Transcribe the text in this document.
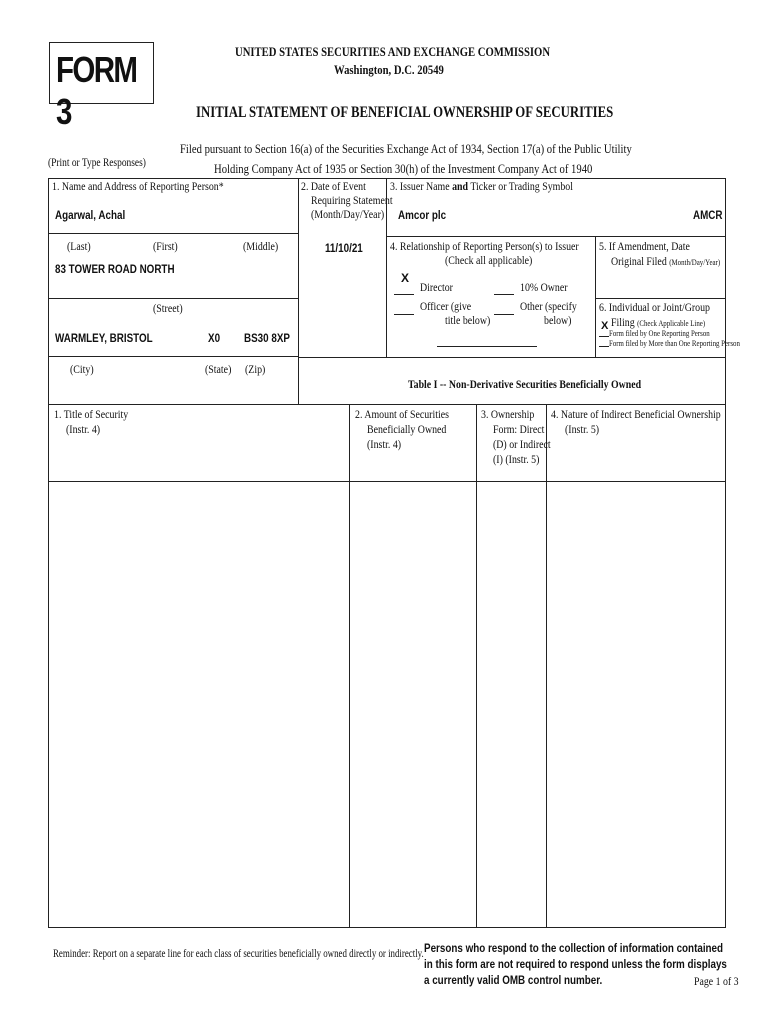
FORM 3
UNITED STATES SECURITIES AND EXCHANGE COMMISSION
Washington, D.C. 20549
INITIAL STATEMENT OF BENEFICIAL OWNERSHIP OF SECURITIES
Filed pursuant to Section 16(a) of the Securities Exchange Act of 1934, Section 17(a) of the Public Utility
Holding Company Act of 1935 or Section 30(h) of the Investment Company Act of 1940
(Print or Type Responses)
1. Name and Address of Reporting Person*
Agarwal, Achal
(Last)	(First)	(Middle)
83 TOWER ROAD NORTH
(Street)
WARMLEY, BRISTOL	X0 BS30 8XP
(City)	(State) (Zip)
2. Date of Event
Requiring Statement
(Month/Day/Year)
11/10/21
3. Issuer Name and Ticker or Trading Symbol
Amcor plc	AMCR
4. Relationship of Reporting Person(s) to Issuer
(Check all applicable)
X
Director	10% Owner
Officer (give
title below)
Other (specify
below)
5. If Amendment, Date
Original Filed (Month/Day/Year)
6. Individual or Joint/Group
Filing (Check Applicable Line)
X
Form filed by One Reporting Person
Form filed by More than One Reporting Person
Table I -- Non-Derivative Securities Beneficially Owned
1. Title of Security
(Instr. 4)
2. Amount of Securities
Beneficially Owned
(Instr. 4)
3. Ownership
Form: Direct
(D) or Indirect
(I) (Instr. 5)
4. Nature of Indirect Beneficial Ownership
(Instr. 5)
Reminder: Report on a separate line for each class of securities beneficially owned directly or indirectly. Persons who respond to the collection of information contained
in this form are not required to respond unless the form displays
a currently valid OMB control number.	Page 1 of 3
